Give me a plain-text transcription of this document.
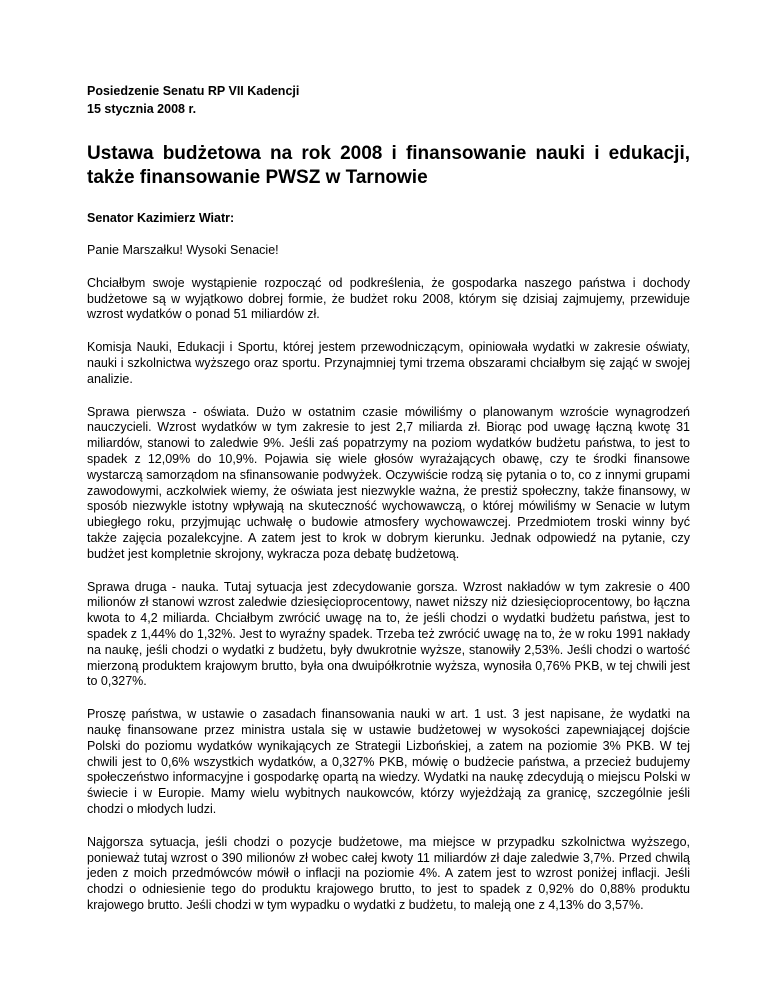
Posiedzenie Senatu RP VII Kadencji

15 stycznia 2008 r.

Ustawa budżetowa na rok 2008 i finansowanie nauki i edukacji, także finansowanie PWSZ w Tarnowie

Senator Kazimierz Wiatr:

Panie Marszałku! Wysoki Senacie!

Chciałbym swoje wystąpienie rozpocząć od podkreślenia, że gospodarka naszego państwa i dochody budżetowe są w wyjątkowo dobrej formie, że budżet roku 2008, którym się dzisiaj zajmujemy, przewiduje wzrost wydatków o ponad 51 miliardów zł.

Komisja Nauki, Edukacji i Sportu, której jestem przewodniczącym, opiniowała wydatki w zakresie oświaty, nauki i szkolnictwa wyższego oraz sportu. Przynajmniej tymi trzema obszarami chciałbym się zająć w swojej analizie.

Sprawa pierwsza - oświata. Dużo w ostatnim czasie mówiliśmy o planowanym wzroście wynagrodzeń nauczycieli. Wzrost wydatków w tym zakresie to jest 2,7 miliarda zł. Biorąc pod uwagę łączną kwotę 31 miliardów, stanowi to zaledwie 9%. Jeśli zaś popatrzymy na poziom wydatków budżetu państwa, to jest to spadek z 12,09% do 10,9%. Pojawia się wiele głosów wyrażających obawę, czy te środki finansowe wystarczą samorządom na sfinansowanie podwyżek. Oczywiście rodzą się pytania o to, co z innymi grupami zawodowymi, aczkolwiek wiemy, że oświata jest niezwykle ważna, że prestiż społeczny, także finansowy, w sposób niezwykle istotny wpływają na skuteczność wychowawczą, o której mówiliśmy w Senacie w lutym ubiegłego roku, przyjmując uchwałę o budowie atmosfery wychowawczej. Przedmiotem troski winny być także zajęcia pozalekcyjne. A zatem jest to krok w dobrym kierunku. Jednak odpowiedź na pytanie, czy budżet jest kompletnie skrojony, wykracza poza debatę budżetową.

Sprawa druga - nauka. Tutaj sytuacja jest zdecydowanie gorsza. Wzrost nakładów w tym zakresie o 400 milionów zł stanowi wzrost zaledwie dziesięcioprocentowy, nawet niższy niż dziesięcioprocentowy, bo łączna kwota to 4,2 miliarda. Chciałbym zwrócić uwagę na to, że jeśli chodzi o wydatki budżetu państwa, jest to spadek z 1,44% do 1,32%. Jest to wyraźny spadek. Trzeba też zwrócić uwagę na to, że w roku 1991 nakłady na naukę, jeśli chodzi o wydatki z budżetu, były dwukrotnie wyższe, stanowiły 2,53%. Jeśli chodzi o wartość mierzoną produktem krajowym brutto, była ona dwuipółkrotnie wyższa, wynosiła 0,76% PKB, w tej chwili jest to 0,327%.

Proszę państwa, w ustawie o zasadach finansowania nauki w art. 1 ust. 3 jest napisane, że wydatki na naukę finansowane przez ministra ustala się w ustawie budżetowej w wysokości zapewniającej dojście Polski do poziomu wydatków wynikających ze Strategii Lizbońskiej, a zatem na poziomie 3% PKB. W tej chwili jest to 0,6% wszystkich wydatków, a 0,327% PKB, mówię o budżecie państwa, a przecież budujemy społeczeństwo informacyjne i gospodarkę opartą na wiedzy. Wydatki na naukę zdecydują o miejscu Polski w świecie i w Europie. Mamy wielu wybitnych naukowców, którzy wyjeżdżają za granicę, szczególnie jeśli chodzi o młodych ludzi.

Najgorsza sytuacja, jeśli chodzi o pozycje budżetowe, ma miejsce w przypadku szkolnictwa wyższego, ponieważ tutaj wzrost o 390 milionów zł wobec całej kwoty 11 miliardów zł daje zaledwie 3,7%. Przed chwilą jeden z moich przedmówców mówił o inflacji na poziomie 4%. A zatem jest to wzrost poniżej inflacji. Jeśli chodzi o odniesienie tego do produktu krajowego brutto, to jest to spadek z 0,92% do 0,88% produktu krajowego brutto. Jeśli chodzi w tym wypadku o wydatki z budżetu, to maleją one z 4,13% do 3,57%.
